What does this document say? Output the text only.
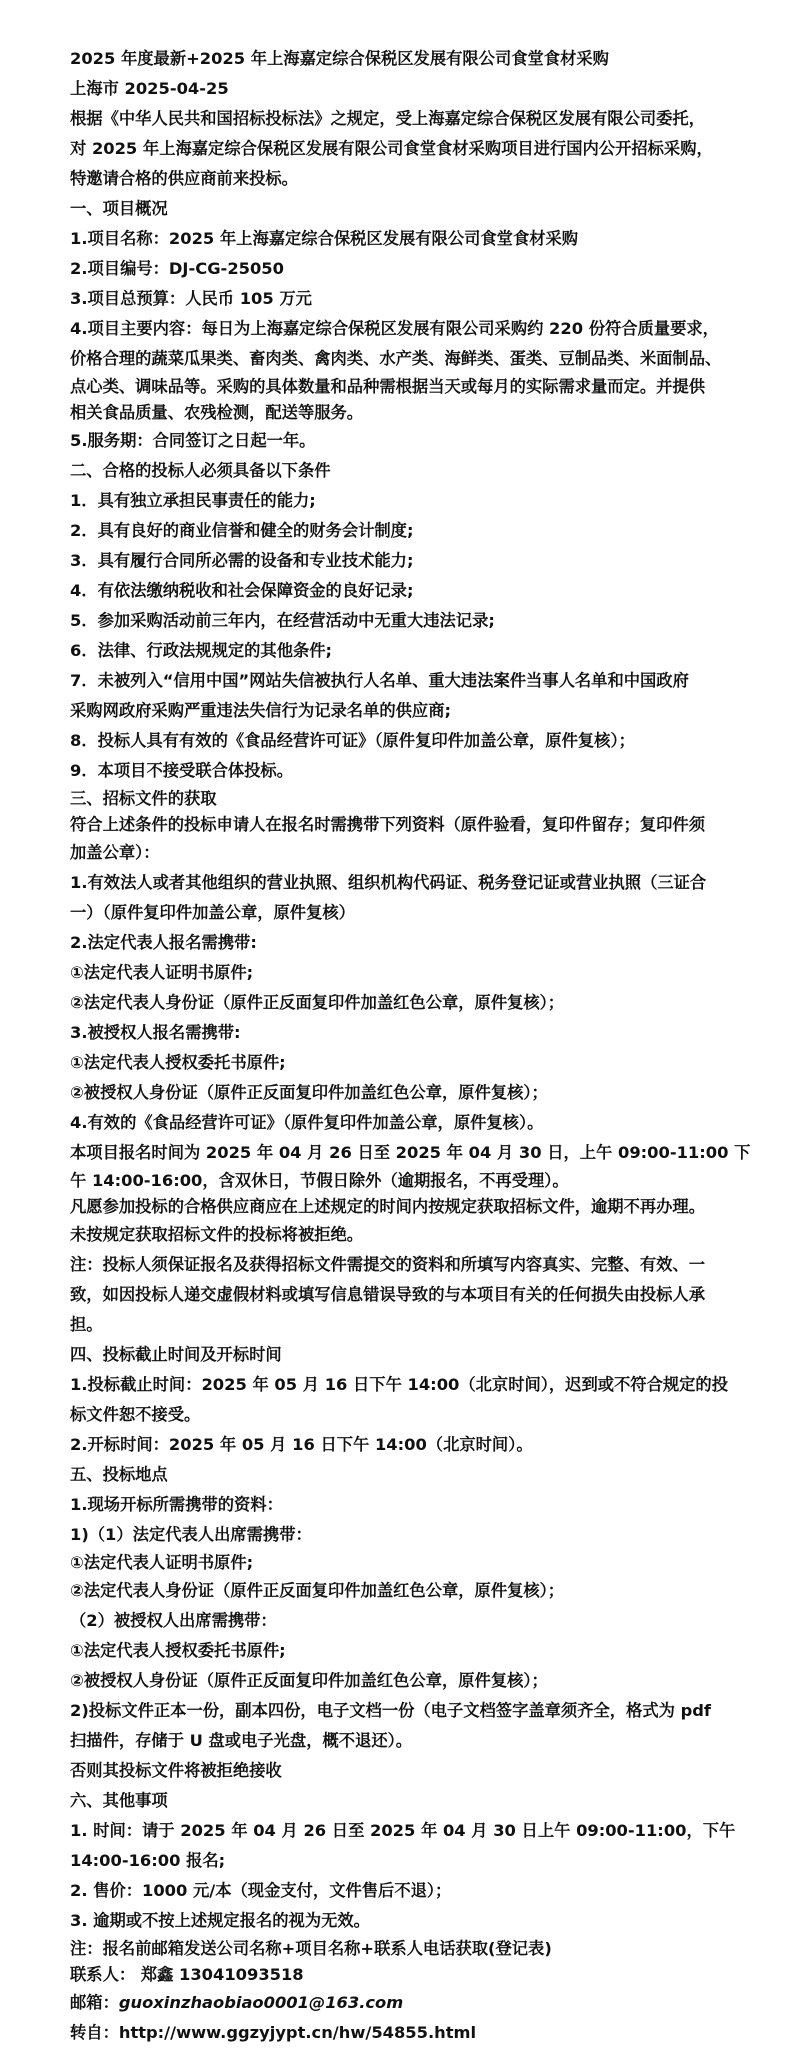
2025 年度最新+2025 年上海嘉定综合保税区发展有限公司食堂食材采购
上海市 2025-04-25
根据《中华人民共和国招标投标法》之规定，受上海嘉定综合保税区发展有限公司委托，
对 2025 年上海嘉定综合保税区发展有限公司食堂食材采购项目进行国内公开招标采购，
特邀请合格的供应商前来投标。
一、项目概况
1.项目名称：2025 年上海嘉定综合保税区发展有限公司食堂食材采购
2.项目编号：DJ-CG-25050
3.项目总预算：人民币 105 万元
4.项目主要内容：每日为上海嘉定综合保税区发展有限公司采购约 220 份符合质量要求，
价格合理的蔬菜瓜果类、畜肉类、禽肉类、水产类、海鲜类、蛋类、豆制品类、米面制品、
点心类、调味品等。采购的具体数量和品种需根据当天或每月的实际需求量而定。并提供
相关食品质量、农残检测，配送等服务。
5.服务期：合同签订之日起一年。
二、合格的投标人必须具备以下条件
1．具有独立承担民事责任的能力;
2．具有良好的商业信誉和健全的财务会计制度;
3．具有履行合同所必需的设备和专业技术能力;
4．有依法缴纳税收和社会保障资金的良好记录;
5．参加采购活动前三年内，在经营活动中无重大违法记录;
6．法律、行政法规规定的其他条件;
7．未被列入“信用中国”网站失信被执行人名单、重大违法案件当事人名单和中国政府
采购网政府采购严重违法失信行为记录名单的供应商;
8．投标人具有有效的《食品经营许可证》（原件复印件加盖公章，原件复核）；
9．本项目不接受联合体投标。
三、招标文件的获取
符合上述条件的投标申请人在报名时需携带下列资料（原件验看，复印件留存；复印件须
加盖公章）：
1.有效法人或者其他组织的营业执照、组织机构代码证、税务登记证或营业执照（三证合
一）（原件复印件加盖公章，原件复核）
2.法定代表人报名需携带:
①法定代表人证明书原件;
②法定代表人身份证（原件正反面复印件加盖红色公章，原件复核）；
3.被授权人报名需携带:
①法定代表人授权委托书原件;
②被授权人身份证（原件正反面复印件加盖红色公章，原件复核）；
4.有效的《食品经营许可证》（原件复印件加盖公章，原件复核）。
本项目报名时间为 2025 年 04 月 26 日至 2025 年 04 月 30 日，上午 09:00-11:00 下
午 14:00-16:00，含双休日，节假日除外（逾期报名，不再受理）。
凡愿参加投标的合格供应商应在上述规定的时间内按规定获取招标文件，逾期不再办理。
未按规定获取招标文件的投标将被拒绝。
注：投标人须保证报名及获得招标文件需提交的资料和所填写内容真实、完整、有效、一
致，如因投标人递交虚假材料或填写信息错误导致的与本项目有关的任何损失由投标人承
担。
四、投标截止时间及开标时间
1.投标截止时间：2025 年 05 月 16 日下午 14:00（北京时间），迟到或不符合规定的投
标文件恕不接受。
2.开标时间：2025 年 05 月 16 日下午 14:00（北京时间）。
五、投标地点
1.现场开标所需携带的资料：
1)（1）法定代表人出席需携带：
①法定代表人证明书原件;
②法定代表人身份证（原件正反面复印件加盖红色公章，原件复核）；
（2）被授权人出席需携带：
①法定代表人授权委托书原件;
②被授权人身份证（原件正反面复印件加盖红色公章，原件复核）；
2)投标文件正本一份，副本四份，电子文档一份（电子文档签字盖章须齐全，格式为 pdf
扫描件，存储于 U 盘或电子光盘，概不退还）。
否则其投标文件将被拒绝接收
六、其他事项
1. 时间：请于 2025 年 04 月 26 日至 2025 年 04 月 30 日上午 09:00-11:00，下午
14:00-16:00 报名;
2. 售价：1000 元/本（现金支付，文件售后不退）；
3. 逾期或不按上述规定报名的视为无效。
注：报名前邮箱发送公司名称+项目名称+联系人电话获取(登记表)
联系人： 郑鑫 13041093518
邮箱：guoxinzhaobiao0001@163.com
转自：http://www.ggzyjypt.cn/hw/54855.html
